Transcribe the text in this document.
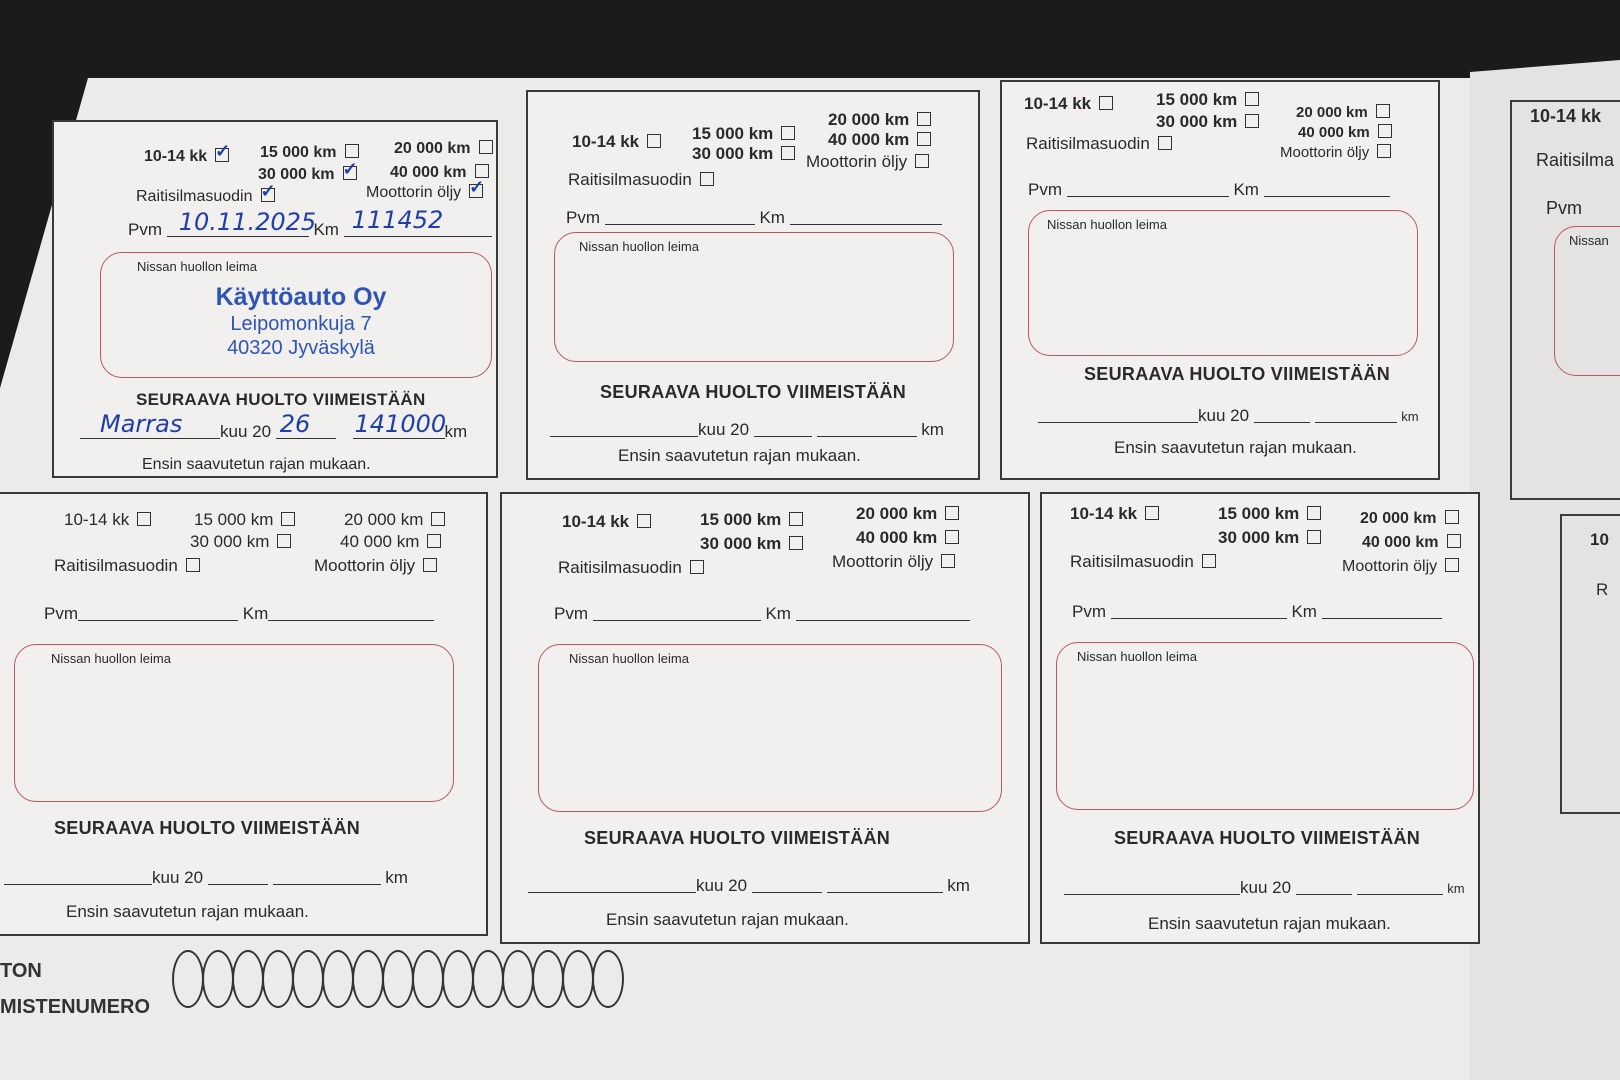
10-14 kk ✓	15 000 km	20 000 km
30 000 km ✓	40 000 km
Raitisilmasuodin ✓	Moottorin öljy✓
Pvm 10.11.2025
Km 111452
Nissan huollon leima
Käyttöauto Oy
Leipomonkuja 7
40320 Jyväskylä
SEURAAVA HUOLTO VIIMEISTÄÄN
Marras kuu 20 26
141000
km
Ensin saavutetun rajan mukaan.
10-14 kk	15 000 km
20 000 km
30 000 km
40 000 km
Raitisilmasuodin
Moottorin öljy
Pvm	Km
Nissan huollon leima
SEURAAVA HUOLTO VIIMEISTÄÄN
kuu 20	km
Ensin saavutetun rajan mukaan.
10-14 kk	15 000 km
20 000 km
30 000 km
40 000 km
Raitisilmasuodin	Moottorin öljy
Pvm	Km
Nissan huollon leima
SEURAAVA HUOLTO VIIMEISTÄÄN
kuu 20	km
Ensin saavutetun rajan mukaan.
10-14 kk	15 000 km	20 000 km
30 000 km	40 000 km
Raitisilmasuodin	Moottorin öljy
Pvm	Km
Nissan huollon leima
SEURAAVA HUOLTO VIIMEISTÄÄN
kuu 20	km
Ensin saavutetun rajan mukaan.
10-14 kk	15 000 km	20 000 km
30 000 km	40 000 km
Raitisilmasuodin	Moottorin öljy
Pvm	Km
Nissan huollon leima
SEURAAVA HUOLTO VIIMEISTÄÄN
kuu 20	km
Ensin saavutetun rajan mukaan.
10-14 kk	15 000 km	20 000 km
30 000 km	40 000 km
Raitisilmasuodin	Moottorin öljy
Pvm	Km
Nissan huollon leima
SEURAAVA HUOLTO VIIMEISTÄÄN
kuu 20	km
Ensin saavutetun rajan mukaan.
TON
MISTENUMERO
10-14 kk
Raitisilma
Pvm
Nissan
10
R
